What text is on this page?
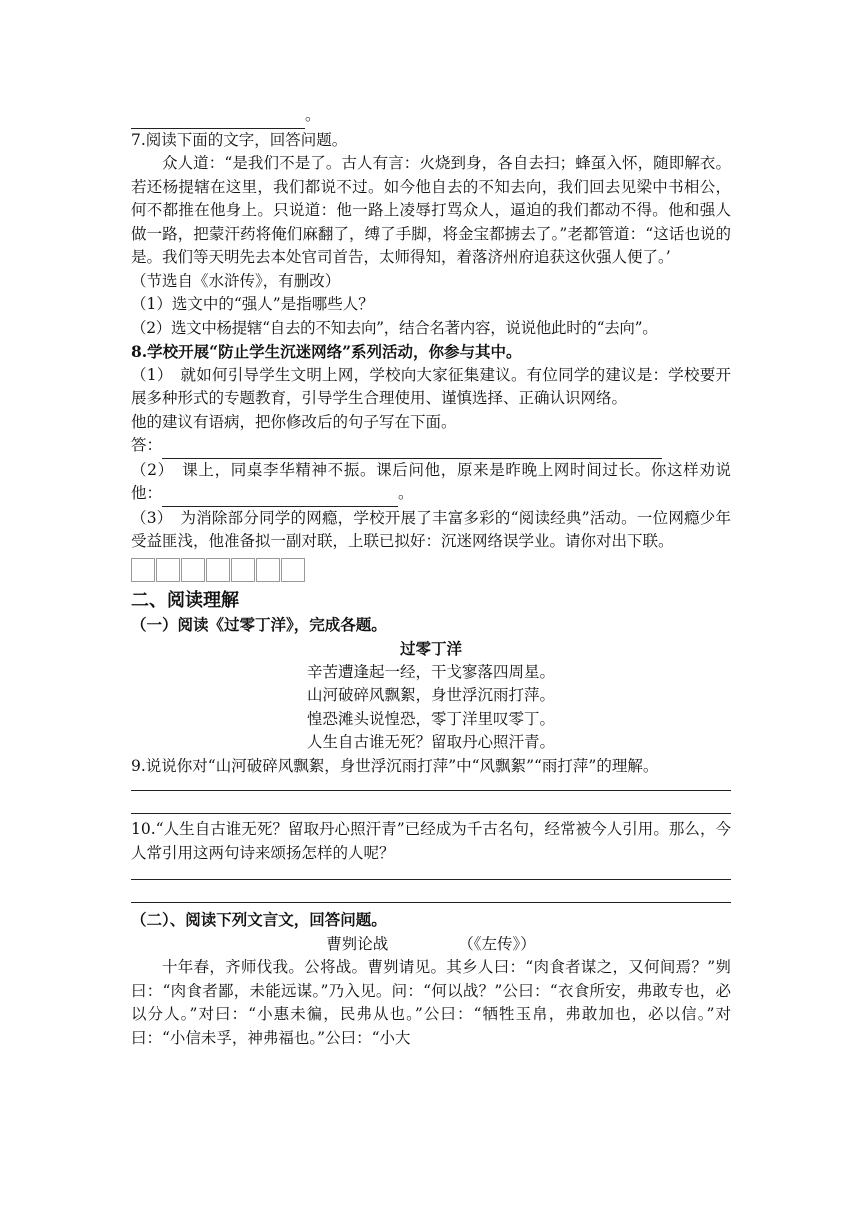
。

7.阅读下面的文字，回答问题。

众人道：“是我们不是了。古人有言：火烧到身，各自去扫；蜂虿入怀，随即解衣。若还杨提辖在这里，我们都说不过。如今他自去的不知去向，我们回去见梁中书相公，何不都推在他身上。只说道：他一路上凌辱打骂众人，逼迫的我们都动不得。他和强人做一路，把蒙汗药将俺们麻翻了，缚了手脚，将金宝都掳去了。”老都管道：“这话也说的是。我们等天明先去本处官司首告，太师得知，着落济州府追获这伙强人便了。’

（节选自《水浒传》，有删改）

（1）选文中的“强人”是指哪些人？

（2）选文中杨提辖“自去的不知去向”，结合名著内容，说说他此时的“去向”。

8.学校开展“防止学生沉迷网络”系列活动，你参与其中。

（1）　就如何引导学生文明上网，学校向大家征集建议。有位同学的建议是：学校要开展多种形式的专题教育，引导学生合理使用、谨慎选择、正确认识网络。

他的建议有语病，把你修改后的句子写在下面。

答：

（2）　课上，同桌李华精神不振。课后问他，原来是昨晚上网时间过长。你这样劝说他：	。

（3）　为消除部分同学的网瘾，学校开展了丰富多彩的“阅读经典”活动。一位网瘾少年受益匪浅，他准备拟一副对联，上联已拟好：沉迷网络误学业。请你对出下联。

二、阅读理解

（一）阅读《过零丁洋》，完成各题。

过零丁洋

辛苦遭逢起一经，干戈寥落四周星。

山河破碎风飘絮，身世浮沉雨打萍。

惶恐滩头说惶恐，零丁洋里叹零丁。

人生自古谁无死？留取丹心照汗青。

9.说说你对“山河破碎风飘絮，身世浮沉雨打萍”中“风飘絮”“雨打萍”的理解。

10.“人生自古谁无死？留取丹心照汗青”已经成为千古名句，经常被今人引用。那么，今人常引用这两句诗来颂扬怎样的人呢？

（二）、阅读下列文言文，回答问题。

曹刿论战	（《左传》）

十年春，齐师伐我。公将战。曹刿请见。其乡人曰：“肉食者谋之，又何间焉？”刿曰：“肉食者鄙，未能远谋。”乃入见。问：“何以战？”公曰：“衣食所安，弗敢专也，必以分人。”对曰：“小惠未徧，民弗从也。”公曰：“牺牲玉帛，弗敢加也，必以信。”对曰：“小信未孚，神弗福也。”公曰：“小大
